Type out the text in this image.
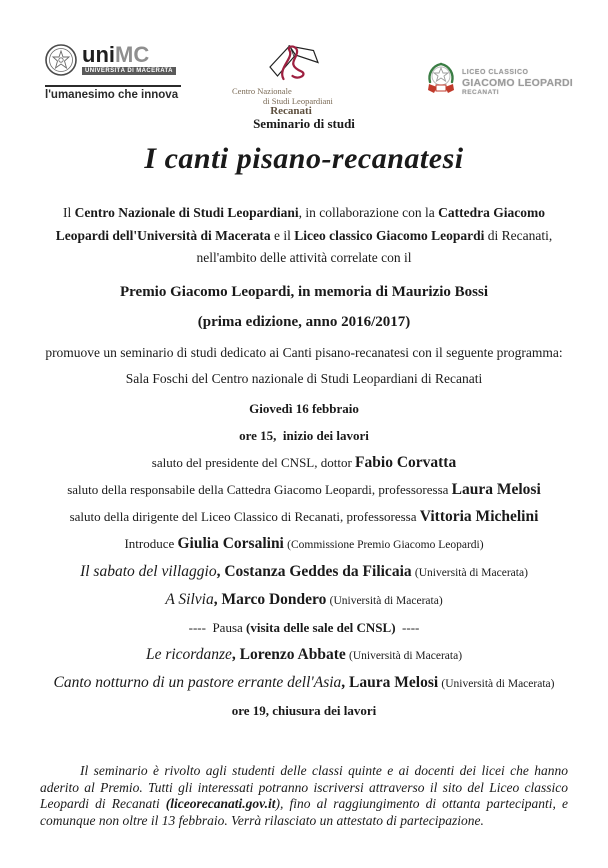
uniMC
UNIVERSITÀ DI MACERATA
l'umanesimo che innova	Centro Nazionale
di Studi Leopardiani
Recanati
LICEO CLASSICO
GIACOMO LEOPARDI
RECANATI
Seminario di studi
I canti pisano-recanatesi

Il Centro Nazionale di Studi Leopardiani, in collaborazione con la Cattedra Giacomo Leopardi dell'Università di Macerata e il Liceo classico Giacomo Leopardi di Recanati, nell'ambito delle attività correlate con il

Premio Giacomo Leopardi, in memoria di Maurizio Bossi
(prima edizione, anno 2016/2017)
promuove un seminario di studi dedicato ai Canti pisano-recanatesi con il seguente programma:
Sala Foschi del Centro nazionale di Studi Leopardiani di Recanati
Giovedì 16 febbraio
ore 15,  inizio dei lavori
saluto del presidente del CNSL, dottor Fabio Corvatta
saluto della responsabile della Cattedra Giacomo Leopardi, professoressa Laura Melosi
saluto della dirigente del Liceo Classico di Recanati, professoressa Vittoria Michelini
Introduce Giulia Corsalini (Commissione Premio Giacomo Leopardi)
Il sabato del villaggio, Costanza Geddes da Filicaia (Università di Macerata)
A Silvia, Marco Dondero (Università di Macerata)
----  Pausa (visita delle sale del CNSL)  ----
Le ricordanze, Lorenzo Abbate (Università di Macerata)
Canto notturno di un pastore errante dell'Asia, Laura Melosi (Università di Macerata)
ore 19, chiusura dei lavori

Il seminario è rivolto agli studenti delle classi quinte e ai docenti dei licei che hanno aderito al Premio. Tutti gli interessati potranno iscriversi attraverso il sito del Liceo classico Leopardi di Recanati (liceorecanati.gov.it), fino al raggiungimento di ottanta partecipanti, e comunque non oltre il 13 febbraio. Verrà rilasciato un attestato di partecipazione.
